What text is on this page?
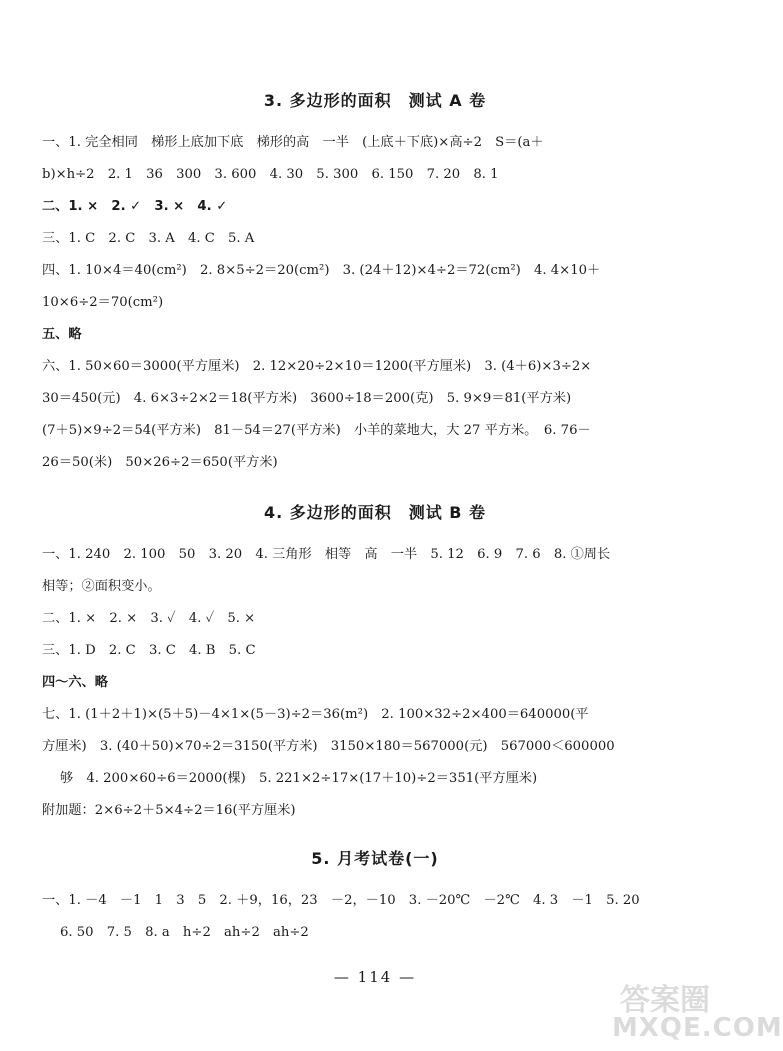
3. 多边形的面积　测试 A 卷
一、1. 完全相同　梯形上底加下底　梯形的高　一半　(上底＋下底)×高÷2　S＝(a＋
b)×h÷2　2. 1　36　300　3. 600　4. 30　5. 300　6. 150　7. 20　8. 1
二、1. ×　2. ✓　3. ×　4. ✓
三、1. C　2. C　3. A　4. C　5. A
四、1. 10×4＝40(cm²)　2. 8×5÷2＝20(cm²)　3. (24＋12)×4÷2＝72(cm²)　4. 4×10＋
10×6÷2＝70(cm²)
五、略
六、1. 50×60＝3000(平方厘米)　2. 12×20÷2×10＝1200(平方厘米)　3. (4＋6)×3÷2×
30＝450(元)　4. 6×3÷2×2＝18(平方米)　3600÷18＝200(克)　5. 9×9＝81(平方米)
(7＋5)×9÷2＝54(平方米)　81－54＝27(平方米)　小羊的菜地大，大 27 平方米。　6. 76－
26＝50(米)　50×26÷2＝650(平方米)
4. 多边形的面积　测试 B 卷
一、1. 240　2. 100　50　3. 20　4. 三角形　相等　高　一半　5. 12　6. 9　7. 6　8. ①周长
相等；②面积变小。
二、1. ×　2. ×　3. ✓　4. ✓　5. ×
三、1. D　2. C　3. C　4. B　5. C
四～六、略
七、1. (1＋2＋1)×(5＋5)－4×1×(5－3)÷2＝36(m²)　2. 100×32÷2×400＝640000(平
方厘米)　3. (40＋50)×70÷2＝3150(平方米)　3150×180＝567000(元)　567000＜600000
够　4. 200×60÷6＝2000(棵)　5. 221×2÷17×(17＋10)÷2＝351(平方厘米)
附加题：2×6÷2＋5×4÷2＝16(平方厘米)
5. 月考试卷(一)
一、1. －4　－1　1　3　5　2. ＋9，16，23　－2，－10　3. －20℃　－2℃　4. 3　－1　5. 20
6. 50　7. 5　8. a　h÷2　ah÷2　ah÷2
— 114 —
答案圈
MXQE.COM
